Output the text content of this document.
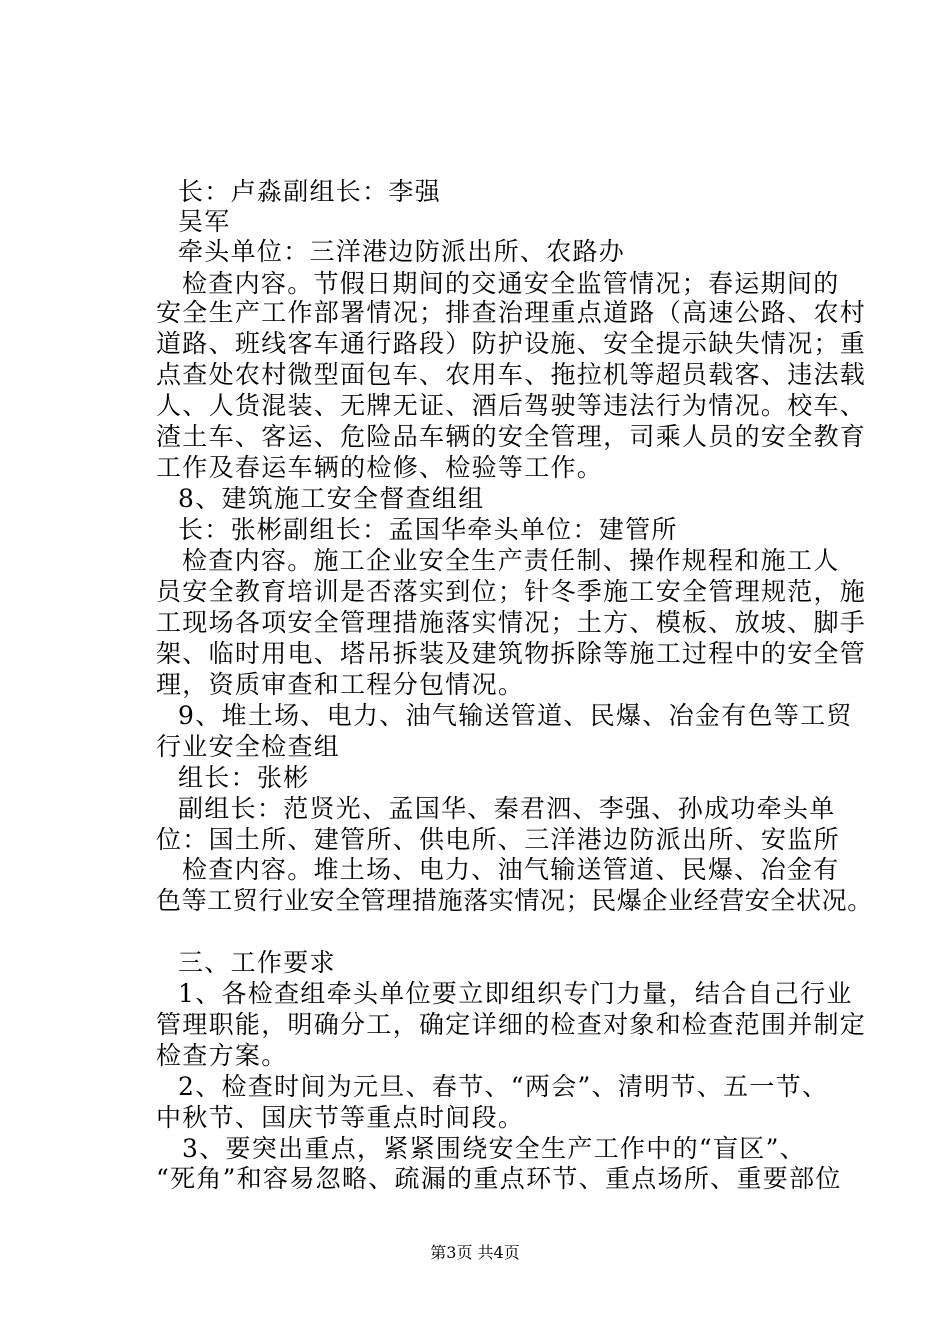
长：卢淼副组长：李强
吴军
牵头单位：三洋港边防派出所、农路办
检查内容。节假日期间的交通安全监管情况；春运期间的
安全生产工作部署情况；排查治理重点道路（高速公路、农村
道路、班线客车通行路段）防护设施、安全提示缺失情况；重
点查处农村微型面包车、农用车、拖拉机等超员载客、违法载
人、人货混装、无牌无证、酒后驾驶等违法行为情况。校车、
渣土车、客运、危险品车辆的安全管理，司乘人员的安全教育
工作及春运车辆的检修、检验等工作。
8、建筑施工安全督查组组
长：张彬副组长：孟国华牵头单位：建管所
检查内容。施工企业安全生产责任制、操作规程和施工人
员安全教育培训是否落实到位；针冬季施工安全管理规范，施
工现场各项安全管理措施落实情况；土方、模板、放坡、脚手
架、临时用电、塔吊拆装及建筑物拆除等施工过程中的安全管
理，资质审查和工程分包情况。
9、堆土场、电力、油气输送管道、民爆、冶金有色等工贸
行业安全检查组
组长：张彬
副组长：范贤光、孟国华、秦君泗、李强、孙成功牵头单
位：国土所、建管所、供电所、三洋港边防派出所、安监所
检查内容。堆土场、电力、油气输送管道、民爆、冶金有
色等工贸行业安全管理措施落实情况；民爆企业经营安全状况。
三、工作要求
1、各检查组牵头单位要立即组织专门力量，结合自己行业
管理职能，明确分工，确定详细的检查对象和检查范围并制定
检查方案。
2、检查时间为元旦、春节、“两会”、清明节、五一节、
中秋节、国庆节等重点时间段。
3、要突出重点，紧紧围绕安全生产工作中的“盲区”、
“死角”和容易忽略、疏漏的重点环节、重点场所、重要部位
第3页 共4页
